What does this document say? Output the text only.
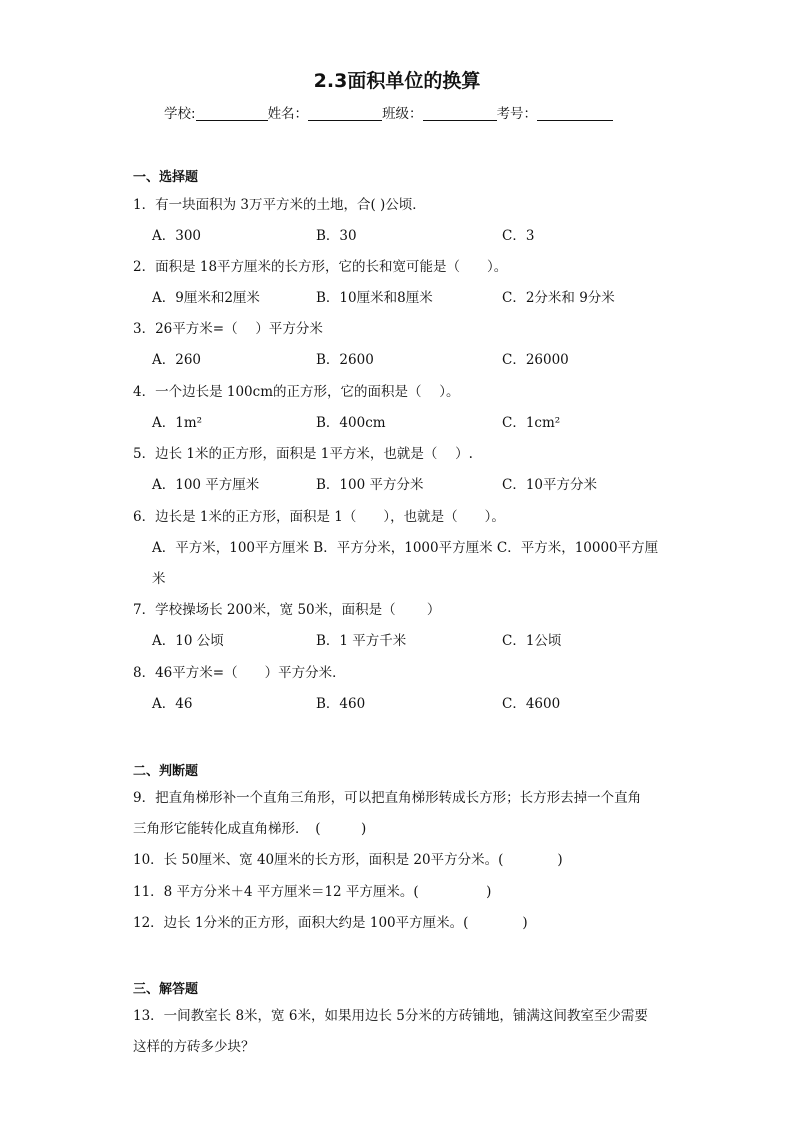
2.3面积单位的换算
学校:	姓名：	班级：	考号：
一、选择题
1．有一块面积为 3万平方米的土地，合( )公顷．
A．300	B．30	C．3
2．面积是 18平方厘米的长方形，它的长和宽可能是（　　）。
A．9厘米和2厘米	B．10厘米和8厘米	C．2分米和 9分米
3．26平方米=（　 ）平方分米
A．260	B．2600	C．26000
4．一个边长是 100cm的正方形，它的面积是（　 ）。
A．1m²	B．400cm	C．1cm²
5．边长 1米的正方形，面积是 1平方米，也就是（　 ）.
A．100 平方厘米	B．100 平方分米	C．10平方分米
6．边长是 1米的正方形，面积是 1（　　），也就是（　　）。
A．平方米，100平方厘米 B．平方分米，1000平方厘米 C．平方米，10000平方厘
米
7．学校操场长 200米，宽 50米，面积是（　　 ）
A．10 公顷	B．1 平方千米	C．1公顷
8．46平方米=（　　）平方分米．
A．46	B．460	C．4600
二、判断题
9．把直角梯形补一个直角三角形，可以把直角梯形转成长方形；长方形去掉一个直角
三角形它能转化成直角梯形．　(　　　)
10．长 50厘米、宽 40厘米的长方形，面积是 20平方分米。(　　　　)
11．8 平方分米＋4 平方厘米＝12 平方厘米。(　　　　　)
12．边长 1分米的正方形，面积大约是 100平方厘米。(　　　　)
三、解答题
13．一间教室长 8米，宽 6米，如果用边长 5分米的方砖铺地，铺满这间教室至少需要
这样的方砖多少块？
